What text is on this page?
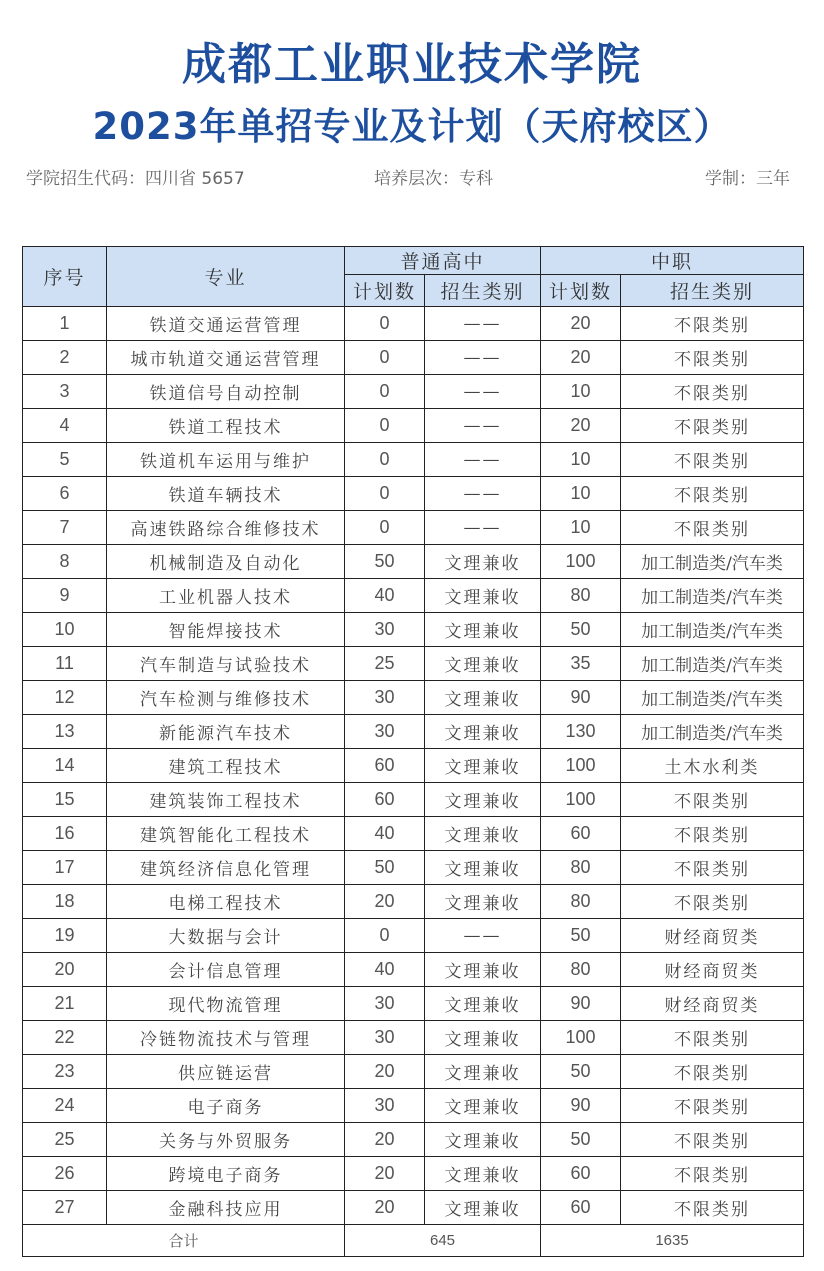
成都工业职业技术学院
2023年单招专业及计划（天府校区）
学院招生代码：四川省 5657	培养层次：专科	学制：三年
序号	专业	普通高中		中职	
		计划数	招生类别	计划数	招生类别
1	铁道交通运营管理	0	——	20	不限类别
2	城市轨道交通运营管理	0	——	20	不限类别
3	铁道信号自动控制	0	——	10	不限类别
4	铁道工程技术	0	——	20	不限类别
5	铁道机车运用与维护	0	——	10	不限类别
6	铁道车辆技术	0	——	10	不限类别
7	高速铁路综合维修技术	0	——	10	不限类别
8	机械制造及自动化	50	文理兼收	100	加工制造类/汽车类
9	工业机器人技术	40	文理兼收	80	加工制造类/汽车类
10	智能焊接技术	30	文理兼收	50	加工制造类/汽车类
11	汽车制造与试验技术	25	文理兼收	35	加工制造类/汽车类
12	汽车检测与维修技术	30	文理兼收	90	加工制造类/汽车类
13	新能源汽车技术	30	文理兼收	130	加工制造类/汽车类
14	建筑工程技术	60	文理兼收	100	土木水利类
15	建筑装饰工程技术	60	文理兼收	100	不限类别
16	建筑智能化工程技术	40	文理兼收	60	不限类别
17	建筑经济信息化管理	50	文理兼收	80	不限类别
18	电梯工程技术	20	文理兼收	80	不限类别
19	大数据与会计	0	——	50	财经商贸类
20	会计信息管理	40	文理兼收	80	财经商贸类
21	现代物流管理	30	文理兼收	90	财经商贸类
22	冷链物流技术与管理	30	文理兼收	100	不限类别
23	供应链运营	20	文理兼收	50	不限类别
24	电子商务	30	文理兼收	90	不限类别
25	关务与外贸服务	20	文理兼收	50	不限类别
26	跨境电子商务	20	文理兼收	60	不限类别
27	金融科技应用	20	文理兼收	60	不限类别
合计		645		1635	
